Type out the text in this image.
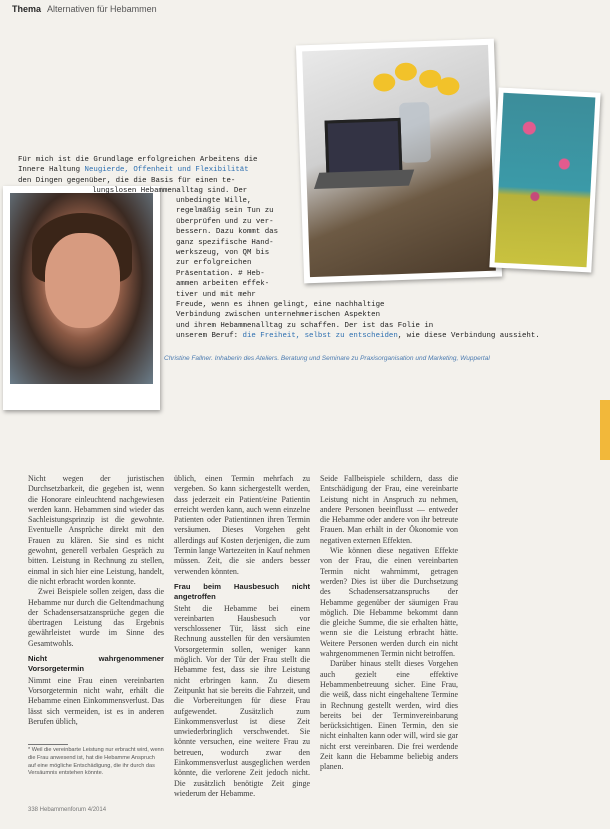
Thema Alternativen für Hebammen
Für mich ist die Grundlage erfolgreichen Arbeitens die
Innere Haltung Neugierde, Offenheit und Flexibilität
den Dingen gegenüber, die die Basis für einen te-
lungslosen Hebammenalltag sind. Der
unbedingte Wille,
regelmäßig sein Tun zu
überprüfen und zu ver-
bessern. Dazu kommt das
ganz spezifische Hand-
werkszeug, von QM bis
zur erfolgreichen
Präsentation. # Heb-
ammen arbeiten effek-
tiver und mit mehr
Freude, wenn es ihnen gelingt, eine nachhaltige
Verbindung zwischen unternehmerischen Aspekten
und ihrem Hebammenalltag zu schaffen. Der ist das Folie in
unserem Beruf: die Freiheit, selbst zu entscheiden, wie diese Verbindung aussieht.
Christine Fallner. Inhaberin des Ateliers. Beratung und Seminare zu Praxisorganisation und Marketing, Wuppertal

Nicht wegen der juristischen Durchsetzbarkeit, die gegeben ist, wenn die Honorare einleuchtend nachgewiesen werden kann. Hebammen sind wieder das Sachleistungsprinzip ist die gewohnte. Eventuelle Ansprüche direkt mit den Frauen zu klären. Sie sind es nicht gewohnt, generell verbalen Gespräch zu bitten. Leistung in Rechnung zu stellen, einmal in sich hier eine Leistung, handelt, die nicht erbracht worden konnte.

Zwei Beispiele sollen zeigen, dass die Hebamme nur durch die Geltendmachung der Schadensersatzansprüche gegen die übertragen Leistung das Ergebnis gewährleistet wurde im Sinne des Gesamtwohls.

Nicht wahrgenommener Vorsorgetermin

Nimmt eine Frau einen vereinbarten Vorsorgetermin nicht wahr, erhält die Hebamme einen Einkommensverlust. Das lässt sich vermeiden, ist es in anderen Berufen üblich,

üblich, einen Termin mehrfach zu vergeben. So kann sichergestellt werden, dass jederzeit ein Patient/eine Patientin erreicht werden kann, auch wenn einzelne Patienten oder Patientinnen ihren Termin versäumen. Dieses Vorgehen geht allerdings auf Kosten derjenigen, die zum Termin lange Wartezeiten in Kauf nehmen müssen. Zeit, die sie anders besser verwenden könnten.

Frau beim Hausbesuch nicht angetroffen

Steht die Hebamme bei einem vereinbarten Hausbesuch vor verschlossener Tür, lässt sich eine Rechnung ausstellen für den versäumten Vorsorgetermin sollen, weniger kann möglich. Vor der Tür der Frau stellt die Hebamme fest, dass sie ihre Leistung nicht erbringen kann. Zu diesem Zeitpunkt hat sie bereits die Fahrzeit, und die Vorbereitungen für diese Frau aufgewendet. Zusätzlich zum Einkommensverlust ist diese Zeit unwiederbringlich verschwendet. Sie könnte versuchen, eine weitere Frau zu betreuen, wodurch zwar den Einkommensverlust ausgeglichen werden könnte, die verlorene Zeit jedoch nicht. Die zusätzlich benötigte Zeit ginge wiederum der Hebamme.

Seide Fallbeispiele schildern, dass die Entschädigung der Frau, eine vereinbarte Leistung nicht in Anspruch zu nehmen, andere Personen beeinflusst — entweder die Hebamme oder andere von ihr betreute Frauen. Man erhält in der Ökonomie von negativen externen Effekten.

Wie können diese negativen Effekte von der Frau, die einen vereinbarten Termin nicht wahrnimmt, getragen werden? Dies ist über die Durchsetzung des Schadensersatzanspruchs der Hebamme gegenüber der säumigen Frau möglich. Die Hebamme bekommt dann die gleiche Summe, die sie erhalten hätte, wenn sie die Leistung erbracht hätte. Weitere Personen werden durch ein nicht wahrgenommenen Termin nicht betroffen.

Darüber hinaus stellt dieses Vorgehen auch gezielt eine effektive Hebammenbetreuung sicher. Eine Frau, die weiß, dass nicht eingehaltene Termine in Rechnung gestellt werden, wird dies bereits bei der Terminvereinbarung berücksichtigen. Einen Termin, den sie nicht einhalten kann oder will, wird sie gar nicht erst vereinbaren. Die frei werdende Zeit kann die Hebamme beliebig anders planen.

* Weil die vereinbarte Leistung nur erbracht wird, wenn die Frau anwesend ist, hat die Hebamme Anspruch auf eine mögliche Entschädigung, die ihr durch das Versäumnis entstehen könnte.
338 Hebammenforum 4/2014
